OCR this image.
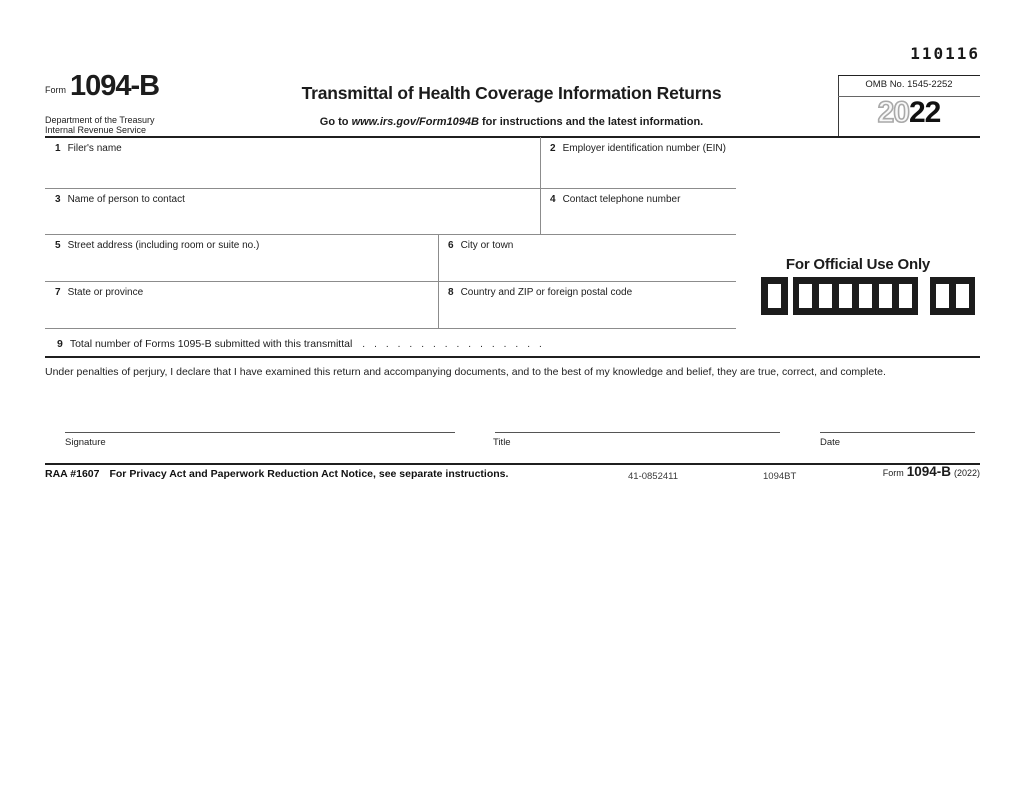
110116
Form 1094-B
Department of the Treasury
Internal Revenue Service
Transmittal of Health Coverage Information Returns
Go to www.irs.gov/Form1094B for instructions and the latest information.
OMB No. 1545-2252
2022
1 Filer's name	2 Employer identification number (EIN)
3 Name of person to contact	4 Contact telephone number
5 Street address (including room or suite no.)	6 City or town
7 State or province	8 Country and ZIP or foreign postal code
9 Total number of Forms 1095-B submitted with this transmittal ................
For Official Use Only
Under penalties of perjury, I declare that I have examined this return and accompanying documents, and to the best of my knowledge and belief, they are true, correct, and complete.
Signature	Title	Date
RAA #1607 For Privacy Act and Paperwork Reduction Act Notice, see separate instructions.	41-0852411	1094BT	Form 1094-B (2022)
